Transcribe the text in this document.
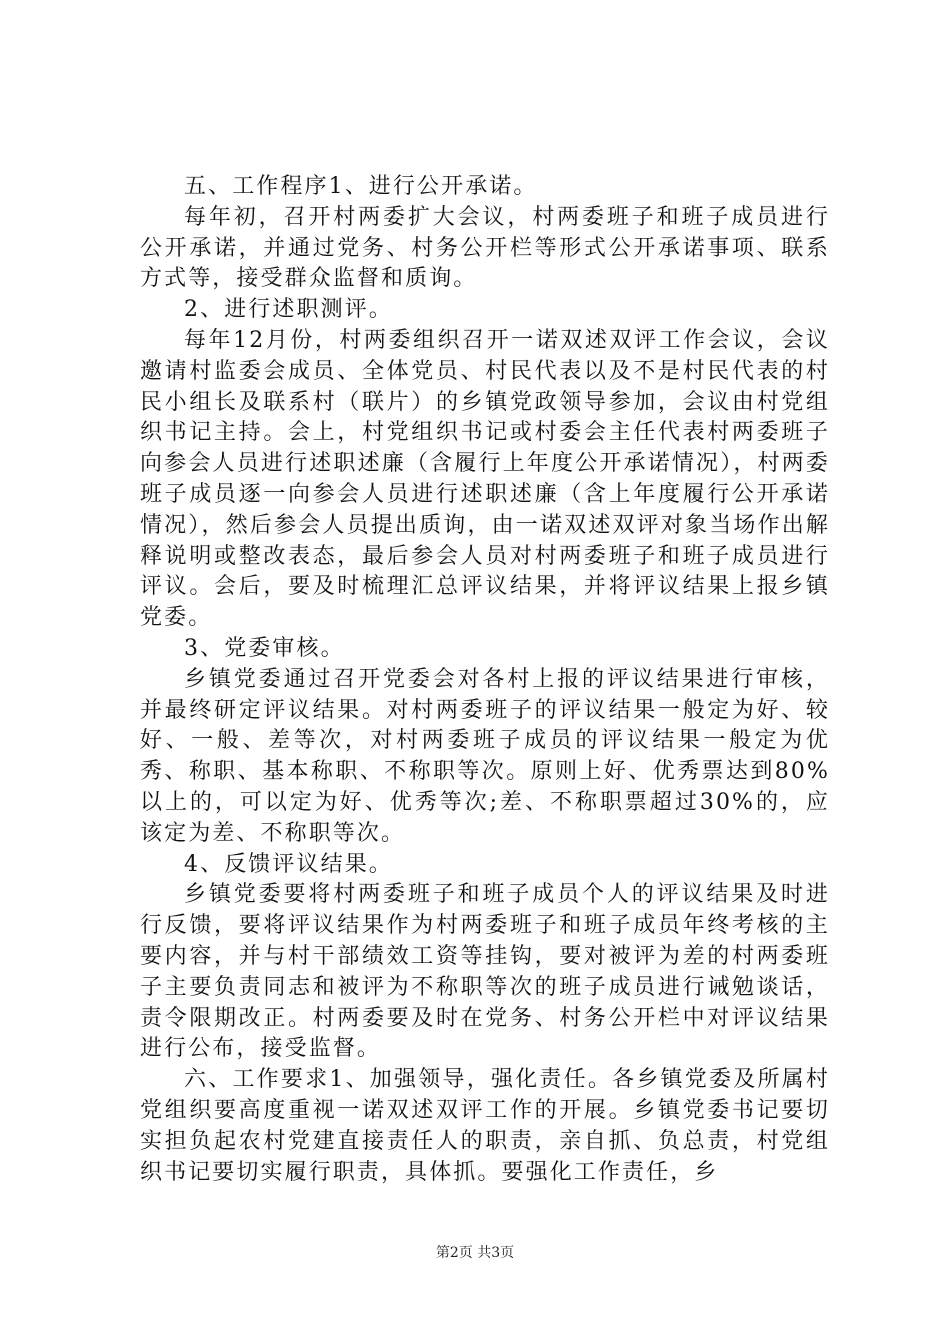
五、工作程序1、进行公开承诺。

每年初，召开村两委扩大会议，村两委班子和班子成员进行公开承诺，并通过党务、村务公开栏等形式公开承诺事项、联系方式等，接受群众监督和质询。

2、进行述职测评。

每年12月份，村两委组织召开一诺双述双评工作会议，会议邀请村监委会成员、全体党员、村民代表以及不是村民代表的村民小组长及联系村（联片）的乡镇党政领导参加，会议由村党组织书记主持。会上，村党组织书记或村委会主任代表村两委班子向参会人员进行述职述廉（含履行上年度公开承诺情况），村两委班子成员逐一向参会人员进行述职述廉（含上年度履行公开承诺情况），然后参会人员提出质询，由一诺双述双评对象当场作出解释说明或整改表态，最后参会人员对村两委班子和班子成员进行评议。会后，要及时梳理汇总评议结果，并将评议结果上报乡镇党委。

3、党委审核。

乡镇党委通过召开党委会对各村上报的评议结果进行审核，并最终研定评议结果。对村两委班子的评议结果一般定为好、较好、一般、差等次，对村两委班子成员的评议结果一般定为优秀、称职、基本称职、不称职等次。原则上好、优秀票达到80%以上的，可以定为好、优秀等次;差、不称职票超过30%的，应该定为差、不称职等次。

4、反馈评议结果。

乡镇党委要将村两委班子和班子成员个人的评议结果及时进行反馈，要将评议结果作为村两委班子和班子成员年终考核的主要内容，并与村干部绩效工资等挂钩，要对被评为差的村两委班子主要负责同志和被评为不称职等次的班子成员进行诫勉谈话，责令限期改正。村两委要及时在党务、村务公开栏中对评议结果进行公布，接受监督。

六、工作要求1、加强领导，强化责任。各乡镇党委及所属村党组织要高度重视一诺双述双评工作的开展。乡镇党委书记要切实担负起农村党建直接责任人的职责，亲自抓、负总责，村党组织书记要切实履行职责，具体抓。要强化工作责任，乡

第2页 共3页
